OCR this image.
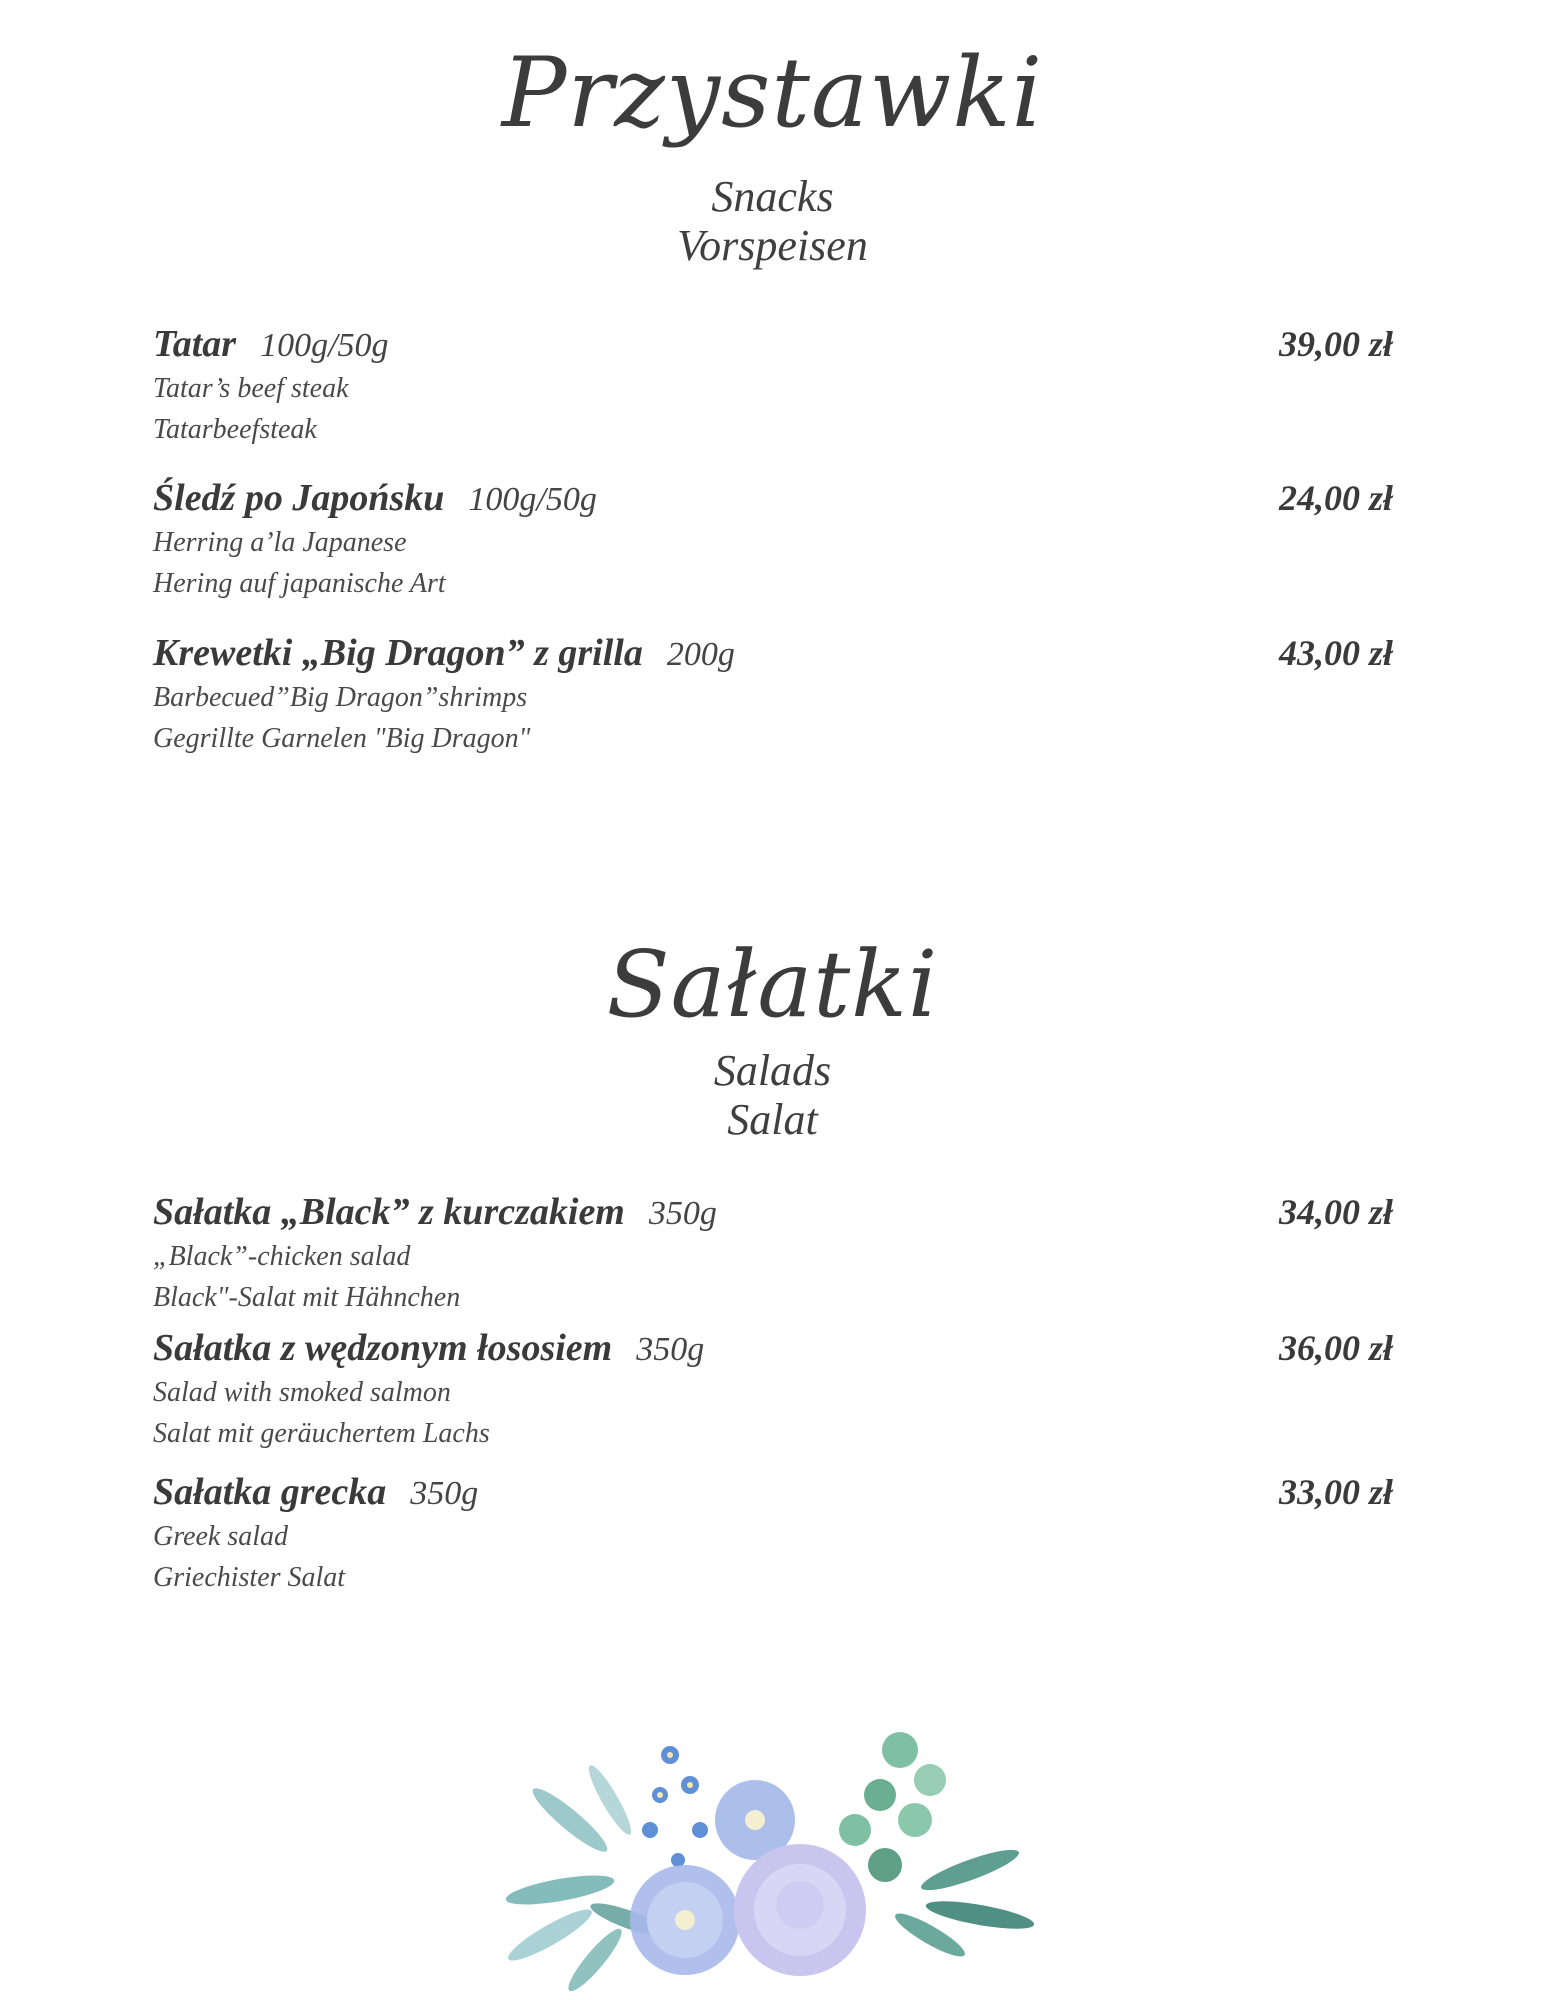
Przystawki
Snacks
Vorspeisen
Tatar 100g/50g	39,00 zł
Tatar’s beef steak
Tatarbeefsteak
Śledź po Japońsku 100g/50g	24,00 zł
Herring a’la Japanese
Hering auf japanische Art
Krewetki „Big Dragon” z grilla 200g	43,00 zł
Barbecued”Big Dragon”shrimps
Gegrillte Garnelen "Big Dragon"
Sałatki
Salads
Salat
Sałatka „Black” z kurczakiem 350g	34,00 zł
„Black”-chicken salad
Black"-Salat mit Hähnchen
Sałatka z wędzonym łososiem 350g	36,00 zł
Salad with smoked salmon
Salat mit geräuchertem Lachs
Sałatka grecka 350g	33,00 zł
Greek salad
Griechister Salat
